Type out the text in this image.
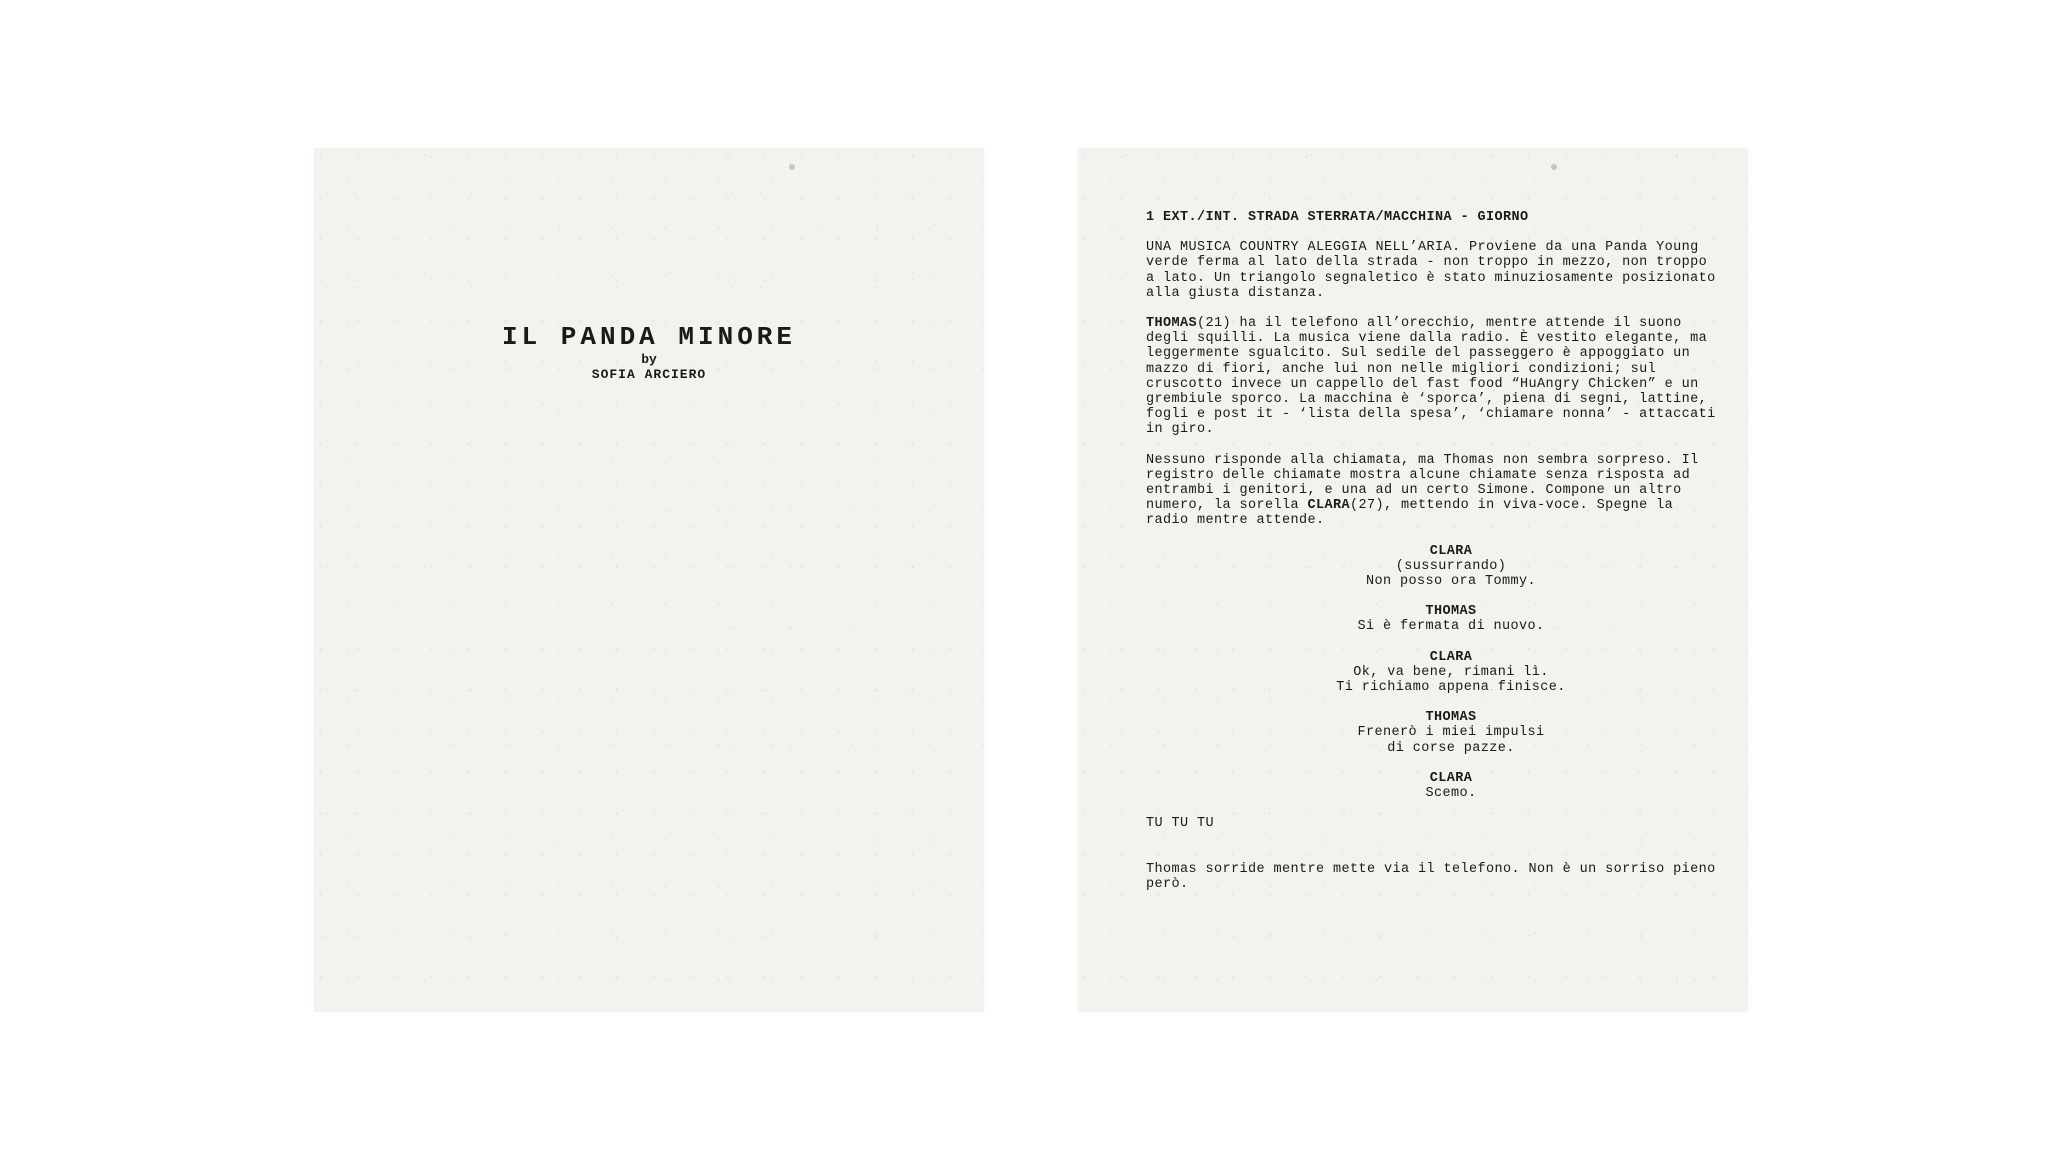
IL PANDA MINORE
by
SOFIA ARCIERO

1 EXT./INT. STRADA STERRATA/MACCHINA - GIORNO

UNA MUSICA COUNTRY ALEGGIA NELL’ARIA. Proviene da una Panda Young verde ferma al lato della strada - non troppo in mezzo, non troppo a lato. Un triangolo segnaletico è stato minuziosamente posizionato alla giusta distanza.

THOMAS(21) ha il telefono all’orecchio, mentre attende il suono degli squilli. La musica viene dalla radio. È vestito elegante, ma leggermente sgualcito. Sul sedile del passeggero è appoggiato un mazzo di fiori, anche lui non nelle migliori condizioni; sul cruscotto invece un cappello del fast food “HuAngry Chicken” e un grembiule sporco. La macchina è ‘sporca’, piena di segni, lattine, fogli e post it - ‘lista della spesa’, ‘chiamare nonna’ - attaccati in giro.

Nessuno risponde alla chiamata, ma Thomas non sembra sorpreso. Il registro delle chiamate mostra alcune chiamate senza risposta ad entrambi i genitori, e una ad un certo Simone. Compone un altro numero, la sorella CLARA(27), mettendo in viva-voce. Spegne la radio mentre attende.

CLARA
(sussurrando)
Non posso ora Tommy.
THOMAS
Si è fermata di nuovo.
CLARA
Ok, va bene, rimani lì.
Ti richiamo appena finisce.
THOMAS
Frenerò i miei impulsi
di corse pazze.
CLARA
Scemo.

TU TU TU

Thomas sorride mentre mette via il telefono. Non è un sorriso pieno però.
